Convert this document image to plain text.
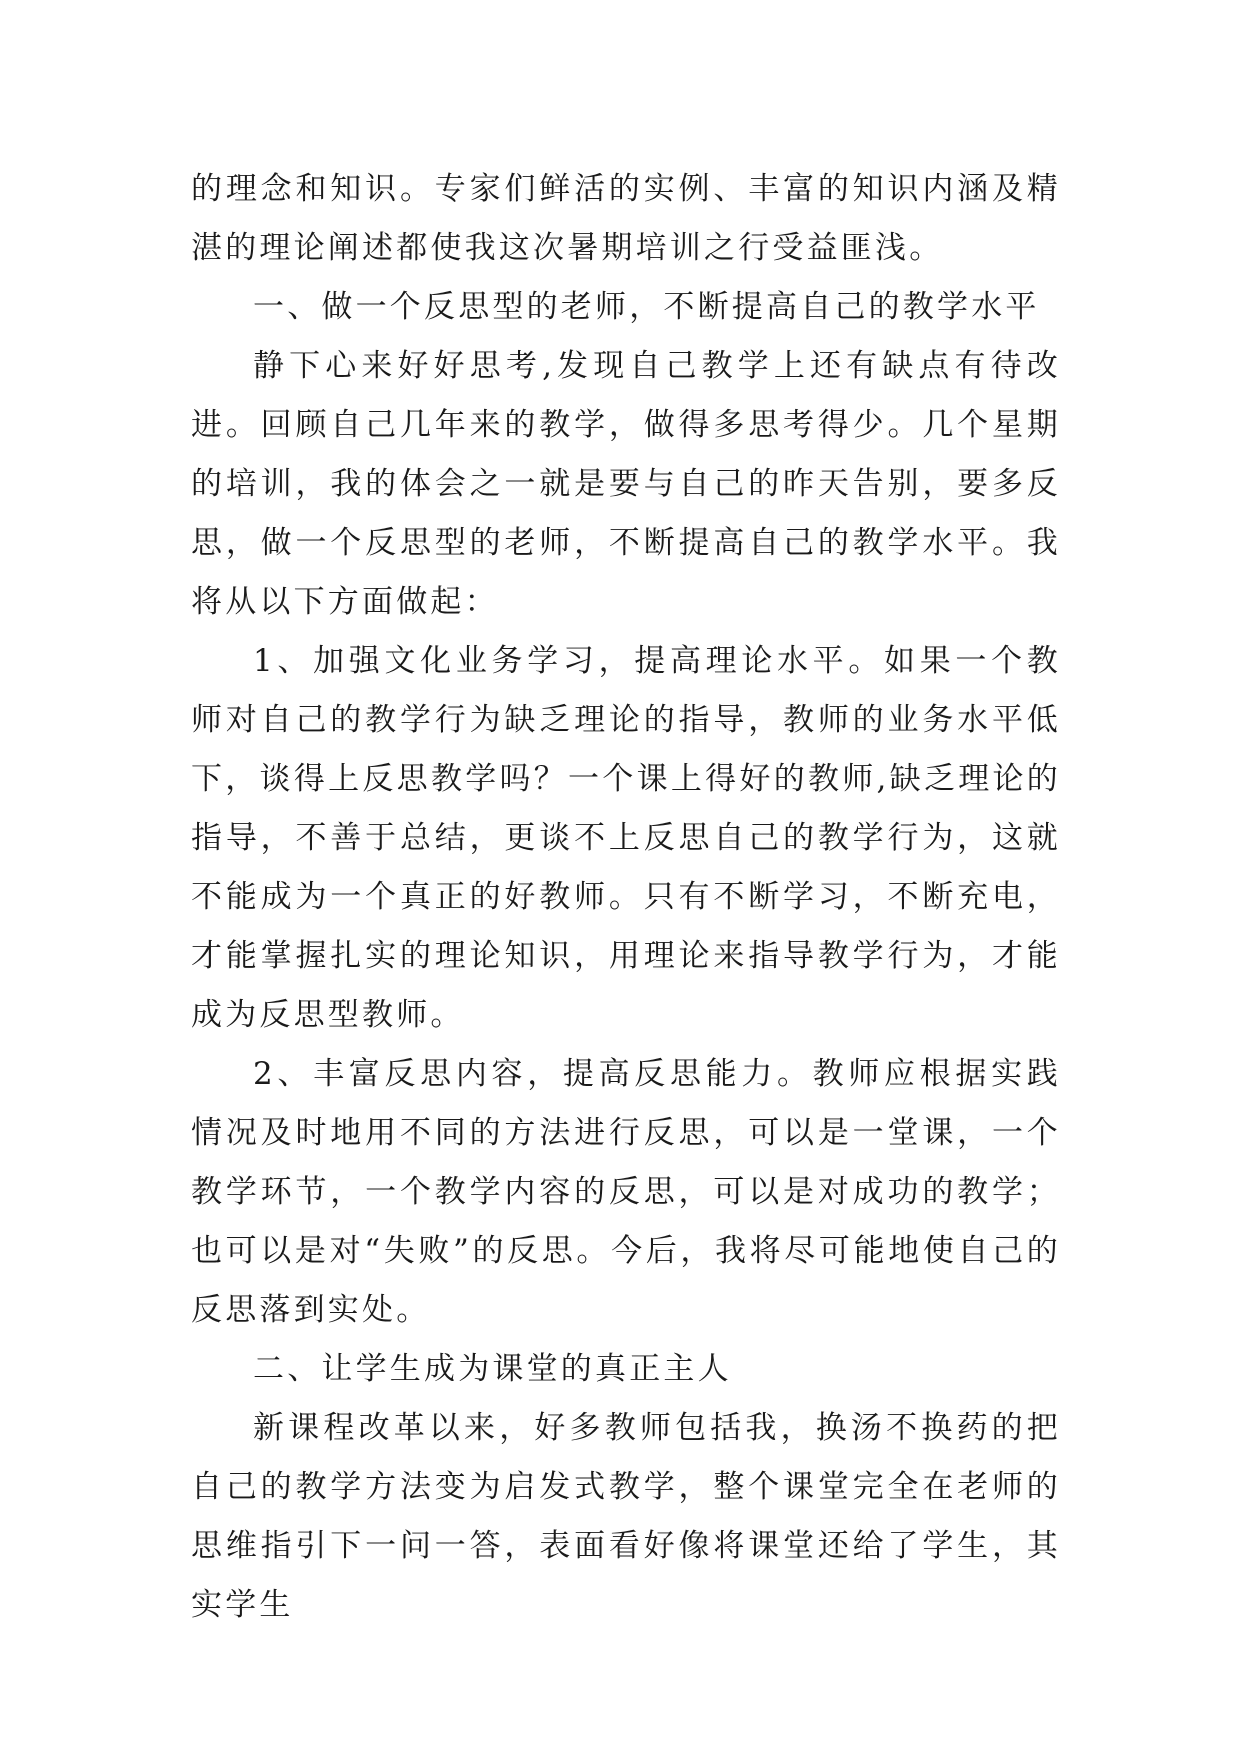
的理念和知识。专家们鲜活的实例、丰富的知识内涵及精湛的理论阐述都使我这次暑期培训之行受益匪浅。

一、做一个反思型的老师，不断提高自己的教学水平

静下心来好好思考,发现自己教学上还有缺点有待改进。回顾自己几年来的教学，做得多思考得少。几个星期的培训，我的体会之一就是要与自己的昨天告别，要多反思，做一个反思型的老师，不断提高自己的教学水平。我将从以下方面做起：

1、加强文化业务学习，提高理论水平。如果一个教师对自己的教学行为缺乏理论的指导，教师的业务水平低下，谈得上反思教学吗？一个课上得好的教师,缺乏理论的指导，不善于总结，更谈不上反思自己的教学行为，这就不能成为一个真正的好教师。只有不断学习，不断充电，才能掌握扎实的理论知识，用理论来指导教学行为，才能成为反思型教师。

2、丰富反思内容，提高反思能力。教师应根据实践情况及时地用不同的方法进行反思，可以是一堂课，一个教学环节，一个教学内容的反思，可以是对成功的教学；也可以是对“失败”的反思。今后，我将尽可能地使自己的反思落到实处。

二、让学生成为课堂的真正主人

新课程改革以来，好多教师包括我，换汤不换药的把自己的教学方法变为启发式教学，整个课堂完全在老师的思维指引下一问一答，表面看好像将课堂还给了学生，其实学生
